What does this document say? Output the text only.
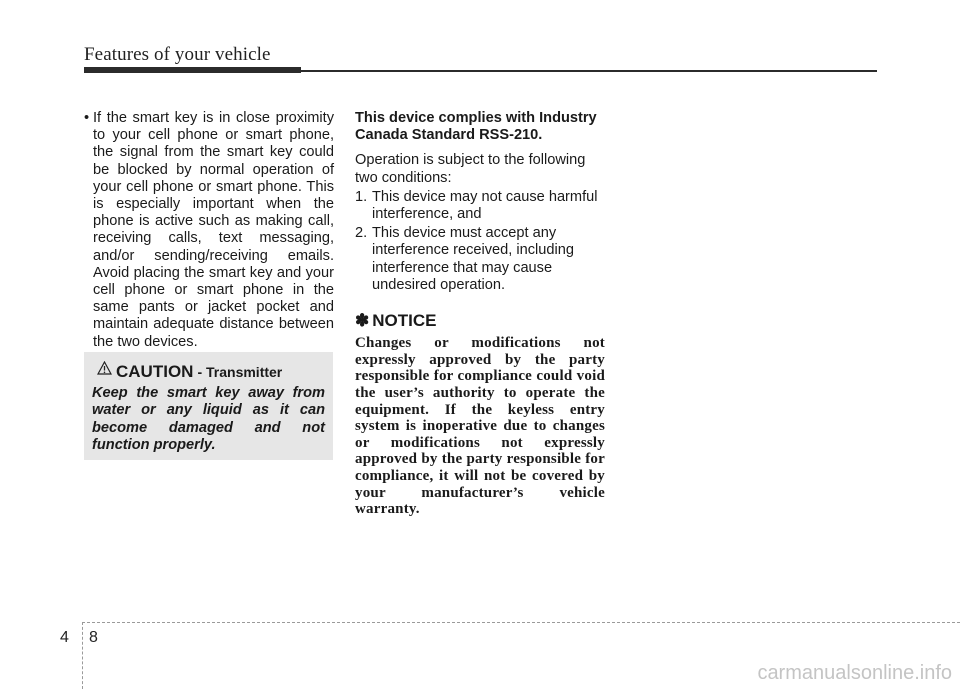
Features of your vehicle
• If the smart key is in close proximity to your cell phone or smart phone, the signal from the smart key could be blocked by normal operation of your cell phone or smart phone. This is especially important when the phone is active such as making call, receiving calls, text messaging, and/or sending/receiving emails. Avoid placing the smart key and your cell phone or smart phone in the same pants or jacket pocket and maintain adequate distance between the two devices.
CAUTION - Transmitter
Keep the smart key away from water or any liquid as it can become damaged and not function properly.

This device complies with Industry Canada Standard RSS-210.

Operation is subject to the following two conditions:

1. This device may not cause harmful interference, and
2. This device must accept any interference received, including interference that may cause undesired operation.
✽ NOTICE
Changes or modifications not expressly approved by the party responsible for compliance could void the user’s authority to operate the equipment. If the keyless entry system is inoperative due to changes or modifications not expressly approved by the party responsible for compliance, it will not be covered by your manufacturer’s vehicle warranty.
4 8
carmanualsonline.info
